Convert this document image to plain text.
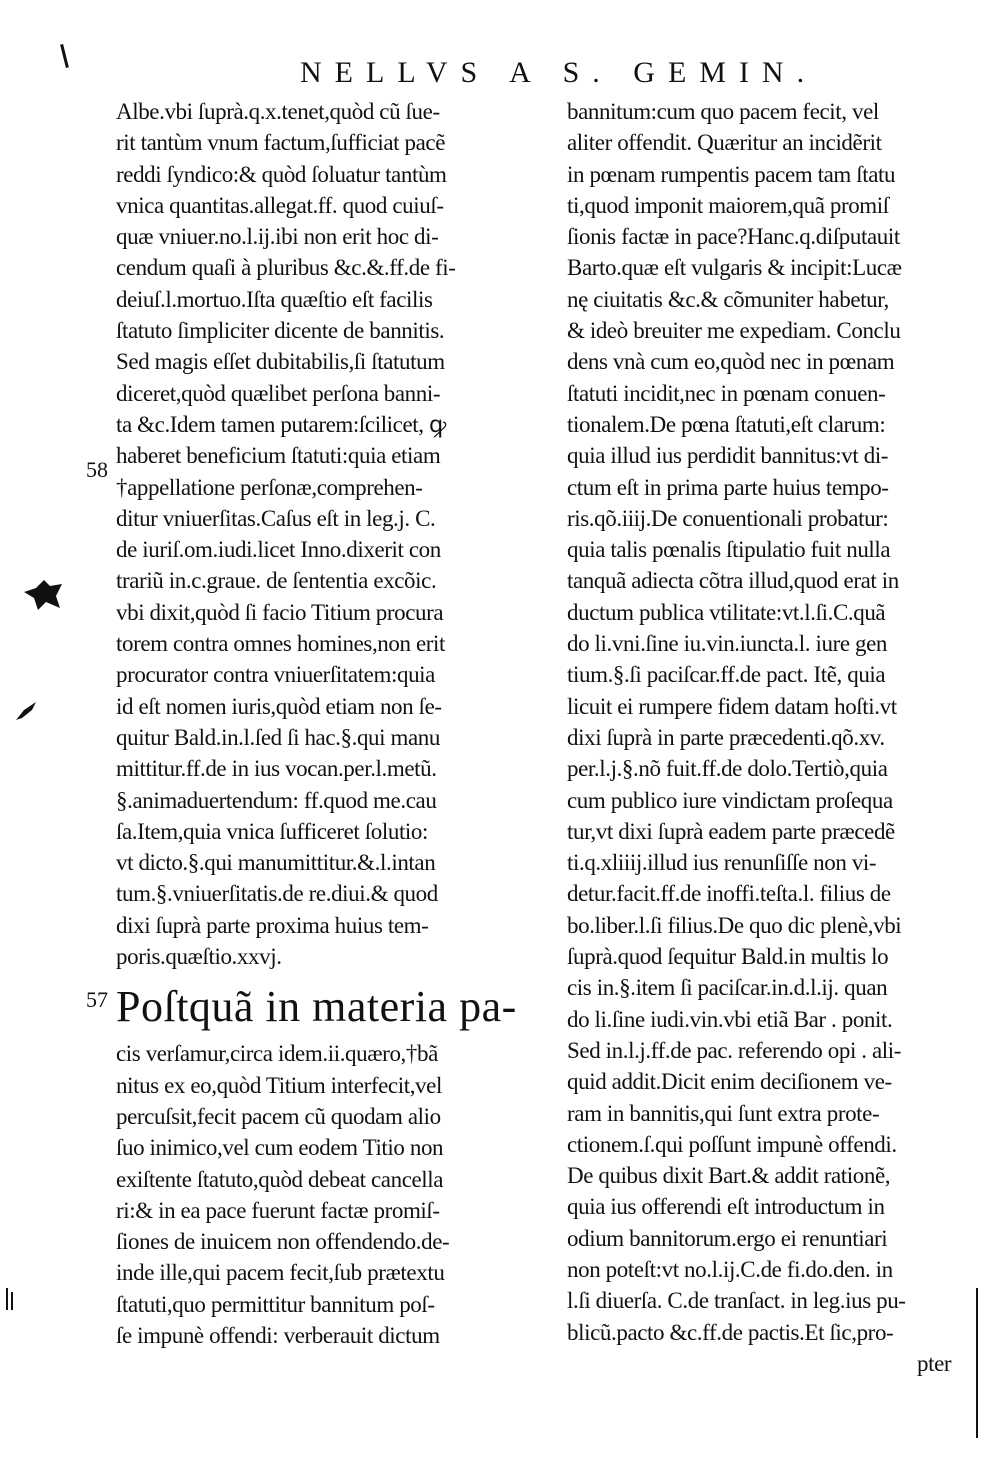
NELLVS A S. GEMIN.
Albe.vbi ſuprà.q.x.tenet,quòd cũ ſue-
rit tantùm vnum factum,ſufficiat pacẽ
reddi ſyndico:& quòd ſoluatur tantùm
vnica quantitas.allegat.ff. quod cuiuſ-
quæ vniuer.no.l.ij.ibi non erit hoc di-
cendum quaſi à pluribus &c.&.ff.de fi-
deiuſ.l.mortuo.Iſta quæſtio eſt facilis
ſtatuto ſimpliciter dicente de bannitis.
Sed magis eſſet dubitabilis,ſi ſtatutum
diceret,quòd quælibet perſona banni-
ta &c.Idem tamen putarem:ſcilicet, ꝙ
haberet beneficium ſtatuti:quia etiam
†appellatione perſonæ,comprehen-
ditur vniuerſitas.Caſus eſt in leg.j. C.
de iuriſ.om.iudi.licet Inno.dixerit con
trariũ in.c.graue. de ſententia excõic.
vbi dixit,quòd ſi facio Titium procura
torem contra omnes homines,non erit
procurator contra vniuerſitatem:quia
id eſt nomen iuris,quòd etiam non ſe-
quitur Bald.in.l.ſed ſi hac.§.qui manu
mittitur.ff.de in ius vocan.per.l.metũ.
§.animaduertendum: ff.quod me.cau
ſa.Item,quia vnica ſufficeret ſolutio:
vt dicto.§.qui manumittitur.&.l.intan
tum.§.vniuerſitatis.de re.diui.& quod
dixi ſuprà parte proxima huius tem-
poris.quæſtio.xxvj.
Poſtquã in materia pa-
cis verſamur,circa idem.ii.quæro,†bã
nitus ex eo,quòd Titium interfecit,vel
percuſsit,fecit pacem cũ quodam alio
ſuo inimico,vel cum eodem Titio non
exiſtente ſtatuto,quòd debeat cancella
ri:& in ea pace fuerunt factæ promiſ-
ſiones de inuicem non offendendo.de-
inde ille,qui pacem fecit,ſub prætextu
ſtatuti,quo permittitur bannitum poſ-
ſe impunè offendi: verberauit dictum
58
57
bannitum:cum quo pacem fecit, vel
aliter offendit. Quæritur an incidẽrit
in pœnam rumpentis pacem tam ſtatu
ti,quod imponit maiorem,quã promiſ
ſionis factæ in pace?Hanc.q.diſputauit
Barto.quæ eſt vulgaris & incipit:Lucæ
nę ciuitatis &c.& cõmuniter habetur,
& ideò breuiter me expediam. Conclu
dens vnà cum eo,quòd nec in pœnam
ſtatuti incidit,nec in pœnam conuen-
tionalem.De pœna ſtatuti,eſt clarum:
quia illud ius perdidit bannitus:vt di-
ctum eſt in prima parte huius tempo-
ris.qõ.iiij.De conuentionali probatur:
quia talis pœnalis ſtipulatio fuit nulla
tanquã adiecta cõtra illud,quod erat in
ductum publica vtilitate:vt.l.ſi.C.quã
do li.vni.ſine iu.vin.iuncta.l. iure gen
tium.§.ſi paciſcar.ff.de pact. Itẽ, quia
licuit ei rumpere fidem datam hoſti.vt
dixi ſuprà in parte præcedenti.qõ.xv.
per.l.j.§.nõ fuit.ff.de dolo.Tertiò,quia
cum publico iure vindictam proſequa
tur,vt dixi ſuprà eadem parte præcedẽ
ti.q.xliiij.illud ius renunſiſſe non vi-
detur.facit.ff.de inoffi.teſta.l. filius de
bo.liber.l.ſi filius.De quo dic plenè,vbi
ſuprà.quod ſequitur Bald.in multis lo
cis in.§.item ſi paciſcar.in.d.l.ij. quan
do li.ſine iudi.vin.vbi etiã Bar . ponit.
Sed in.l.j.ff.de pac. referendo opi . ali-
quid addit.Dicit enim deciſionem ve-
ram in bannitis,qui ſunt extra prote-
ctionem.ſ.qui poſſunt impunè offendi.
De quibus dixit Bart.& addit rationẽ,
quia ius offerendi eſt introductum in
odium bannitorum.ergo ei renuntiari
non poteſt:vt no.l.ij.C.de fi.do.den. in
l.ſi diuerſa. C.de tranſact. in leg.ius pu-
blicũ.pacto &c.ff.de pactis.Et ſic,pro-
pter
